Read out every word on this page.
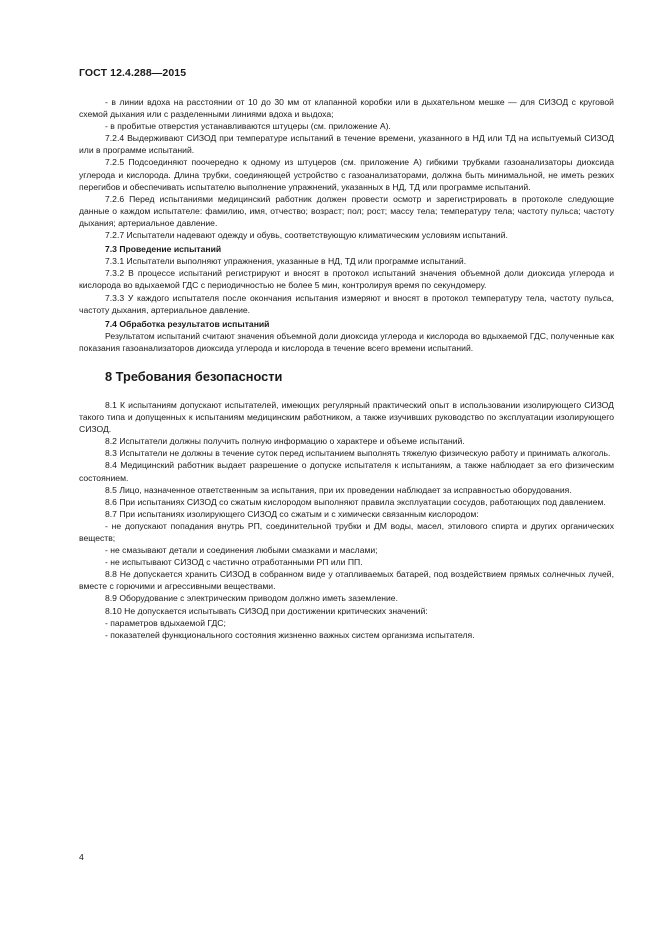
ГОСТ 12.4.288—2015

- в линии вдоха на расстоянии от 10 до 30 мм от клапанной коробки или в дыхательном мешке — для СИЗОД с круговой схемой дыхания или с разделенными линиями вдоха и выдоха;

- в пробитые отверстия устанавливаются штуцеры (см. приложение А).

7.2.4 Выдерживают СИЗОД при температуре испытаний в течение времени, указанного в НД или ТД на испытуемый СИЗОД или в программе испытаний.

7.2.5 Подсоединяют поочередно к одному из штуцеров (см. приложение А) гибкими трубками газоанализаторы диоксида углерода и кислорода. Длина трубки, соединяющей устройство с газоанализаторами, должна быть минимальной, не иметь резких перегибов и обеспечивать испытателю выполнение упражнений, указанных в НД, ТД или программе испытаний.

7.2.6 Перед испытаниями медицинский работник должен провести осмотр и зарегистрировать в протоколе следующие данные о каждом испытателе: фамилию, имя, отчество; возраст; пол; рост; массу тела; температуру тела; частоту пульса; частоту дыхания; артериальное давление.

7.2.7 Испытатели надевают одежду и обувь, соответствующую климатическим условиям испытаний.

7.3 Проведение испытаний

7.3.1 Испытатели выполняют упражнения, указанные в НД, ТД или программе испытаний.

7.3.2 В процессе испытаний регистрируют и вносят в протокол испытаний значения объемной доли диоксида углерода и кислорода во вдыхаемой ГДС с периодичностью не более 5 мин, контролируя время по секундомеру.

7.3.3 У каждого испытателя после окончания испытания измеряют и вносят в протокол температуру тела, частоту пульса, частоту дыхания, артериальное давление.

7.4 Обработка результатов испытаний

Результатом испытаний считают значения объемной доли диоксида углерода и кислорода во вдыхаемой ГДС, полученные как показания газоанализаторов диоксида углерода и кислорода в течение всего времени испытаний.

8 Требования безопасности

8.1 К испытаниям допускают испытателей, имеющих регулярный практический опыт в использовании изолирующего СИЗОД такого типа и допущенных к испытаниям медицинским работником, а также изучивших руководство по эксплуатации изолирующего СИЗОД.

8.2 Испытатели должны получить полную информацию о характере и объеме испытаний.

8.3 Испытатели не должны в течение суток перед испытанием выполнять тяжелую физическую работу и принимать алкоголь.

8.4 Медицинский работник выдает разрешение о допуске испытателя к испытаниям, а также наблюдает за его физическим состоянием.

8.5 Лицо, назначенное ответственным за испытания, при их проведении наблюдает за исправностью оборудования.

8.6 При испытаниях СИЗОД со сжатым кислородом выполняют правила эксплуатации сосудов, работающих под давлением.

8.7 При испытаниях изолирующего СИЗОД со сжатым и с химически связанным кислородом:

- не допускают попадания внутрь РП, соединительной трубки и ДМ воды, масел, этилового спирта и других органических веществ;

- не смазывают детали и соединения любыми смазками и маслами;

- не испытывают СИЗОД с частично отработанными РП или ПП.

8.8 Не допускается хранить СИЗОД в собранном виде у отапливаемых батарей, под воздействием прямых солнечных лучей, вместе с горючими и агрессивными веществами.

8.9 Оборудование с электрическим приводом должно иметь заземление.

8.10 Не допускается испытывать СИЗОД при достижении критических значений:

- параметров вдыхаемой ГДС;

- показателей функционального состояния жизненно важных систем организма испытателя.

4
